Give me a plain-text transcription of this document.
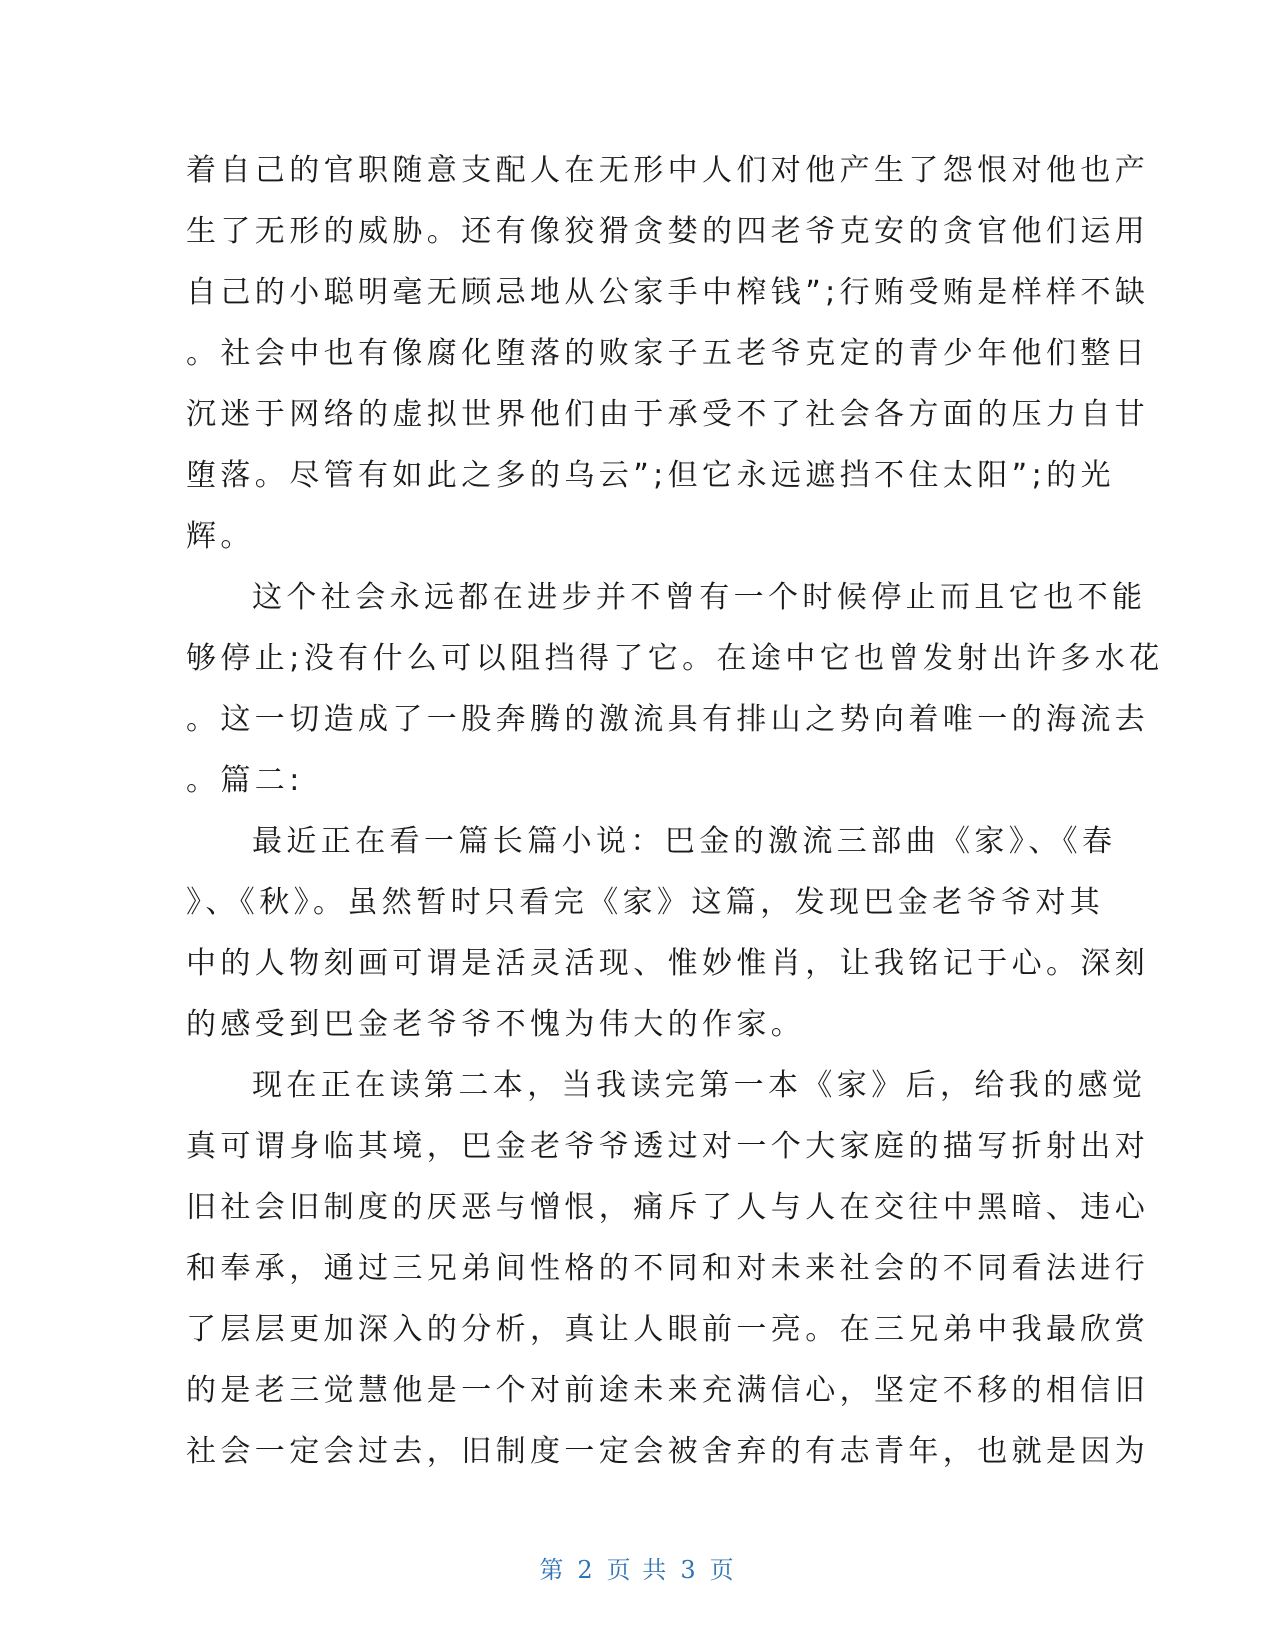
着自己的官职随意支配人在无形中人们对他产生了怨恨对他也产
生了无形的威胁。还有像狡猾贪婪的四老爷克安的贪官他们运用
自己的小聪明毫无顾忌地从公家手中榨钱”;行贿受贿是样样不缺
。社会中也有像腐化堕落的败家子五老爷克定的青少年他们整日
沉迷于网络的虚拟世界他们由于承受不了社会各方面的压力自甘
堕落。尽管有如此之多的乌云”;但它永远遮挡不住太阳”;的光
辉。
这个社会永远都在进步并不曾有一个时候停止而且它也不能
够停止;没有什么可以阻挡得了它。在途中它也曾发射出许多水花
。这一切造成了一股奔腾的激流具有排山之势向着唯一的海流去
。篇二:
最近正在看一篇长篇小说：巴金的激流三部曲《家》、《春
》、《秋》。虽然暂时只看完《家》这篇，发现巴金老爷爷对其
中的人物刻画可谓是活灵活现、惟妙惟肖，让我铭记于心。深刻
的感受到巴金老爷爷不愧为伟大的作家。
现在正在读第二本，当我读完第一本《家》后，给我的感觉
真可谓身临其境，巴金老爷爷透过对一个大家庭的描写折射出对
旧社会旧制度的厌恶与憎恨，痛斥了人与人在交往中黑暗、违心
和奉承，通过三兄弟间性格的不同和对未来社会的不同看法进行
了层层更加深入的分析，真让人眼前一亮。在三兄弟中我最欣赏
的是老三觉慧他是一个对前途未来充满信心，坚定不移的相信旧
社会一定会过去，旧制度一定会被舍弃的有志青年，也就是因为
第 2 页 共 3 页
